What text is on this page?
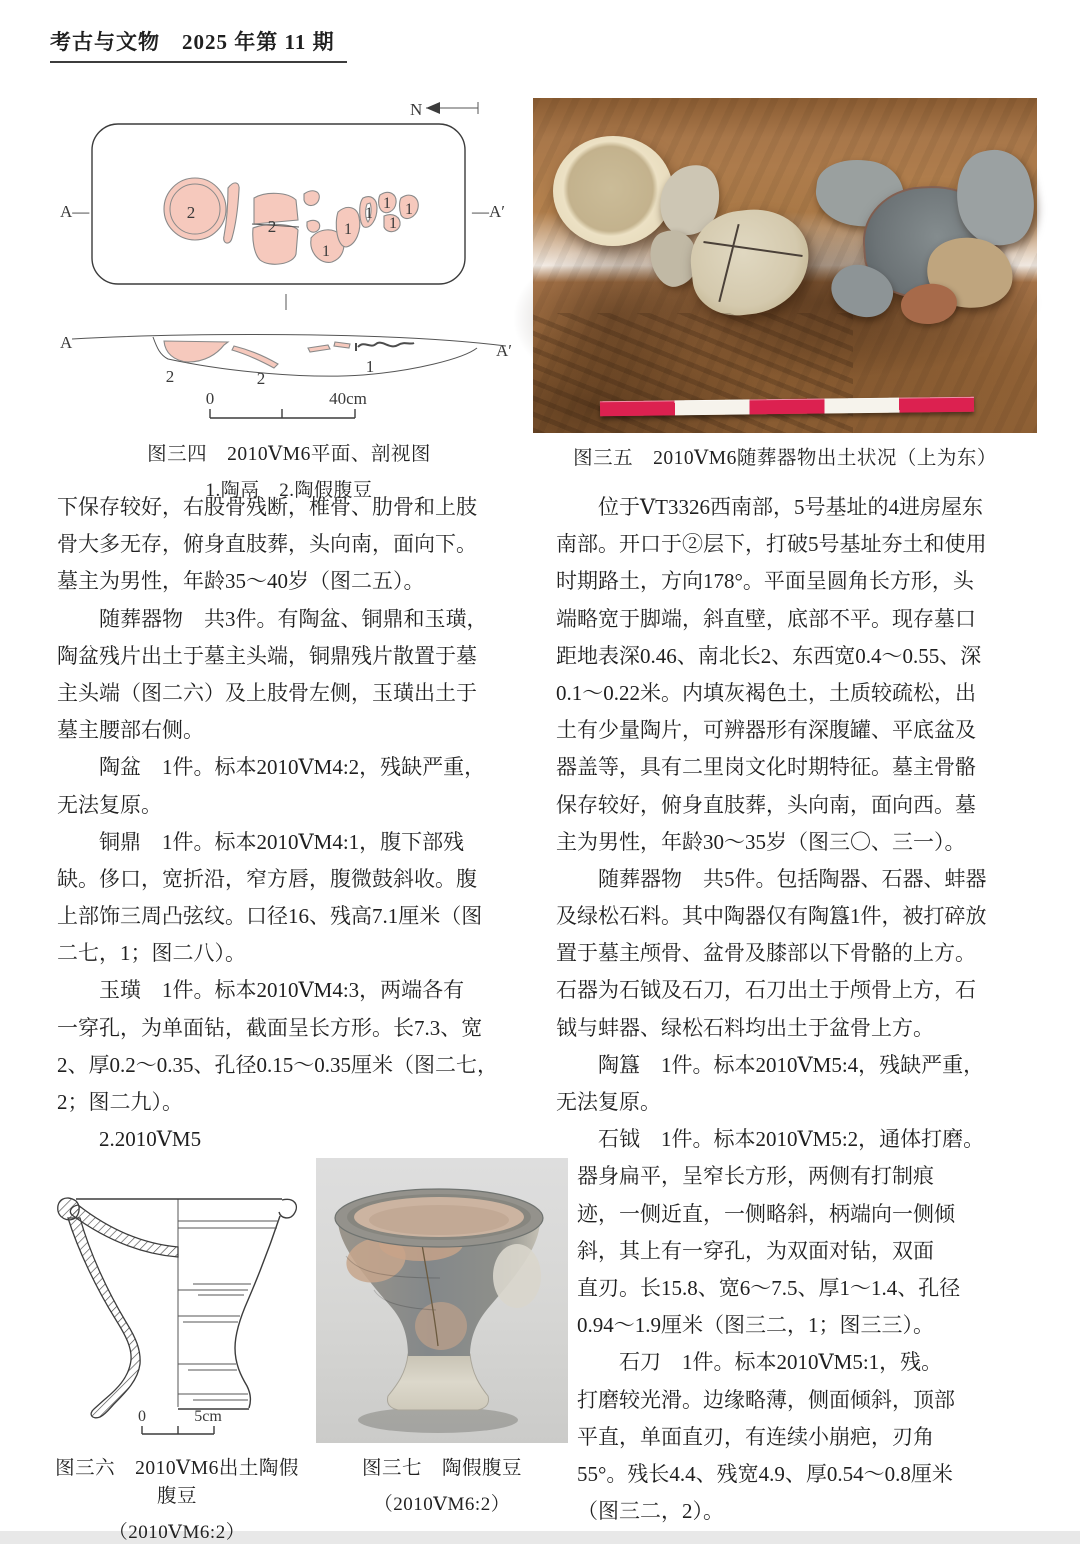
考古与文物　2025 年第 11 期
N
A—	—A′
2
2
1
1
1
1
1
1
A	A′
2	2
1
0	40cm
图三四　2010ⅤM6平面、剖视图
1.陶鬲　2.陶假腹豆
图三五　2010ⅤM6随葬器物出土状况（上为东）
下保存较好，右股骨残断，椎骨、肋骨和上肢
骨大多无存，俯身直肢葬，头向南，面向下。
墓主为男性，年龄35～40岁（图二五）。
　　随葬器物　共3件。有陶盆、铜鼎和玉璜，
陶盆残片出土于墓主头端，铜鼎残片散置于墓
主头端（图二六）及上肢骨左侧，玉璜出土于
墓主腰部右侧。
　　陶盆　1件。标本2010ⅤM4:2，残缺严重，
无法复原。
　　铜鼎　1件。标本2010ⅤM4:1，腹下部残
缺。侈口，宽折沿，窄方唇，腹微鼓斜收。腹
上部饰三周凸弦纹。口径16、残高7.1厘米（图
二七，1；图二八）。
　　玉璜　1件。标本2010ⅤM4:3，两端各有
一穿孔，为单面钻，截面呈长方形。长7.3、宽
2、厚0.2～0.35、孔径0.15～0.35厘米（图二七，
2；图二九）。
　　2.2010ⅤM5
　　位于ⅤT3326西南部，5号基址的4进房屋东
南部。开口于②层下，打破5号基址夯土和使用
时期路土，方向178°。平面呈圆角长方形，头
端略宽于脚端，斜直壁，底部不平。现存墓口
距地表深0.46、南北长2、东西宽0.4～0.55、深
0.1～0.22米。内填灰褐色土，土质较疏松，出
土有少量陶片，可辨器形有深腹罐、平底盆及
器盖等，具有二里岗文化时期特征。墓主骨骼
保存较好，俯身直肢葬，头向南，面向西。墓
主为男性，年龄30～35岁（图三〇、三一）。
　　随葬器物　共5件。包括陶器、石器、蚌器
及绿松石料。其中陶器仅有陶簋1件，被打碎放
置于墓主颅骨、盆骨及膝部以下骨骼的上方。
石器为石钺及石刀，石刀出土于颅骨上方，石
钺与蚌器、绿松石料均出土于盆骨上方。
　　陶簋　1件。标本2010ⅤM5:4，残缺严重，
无法复原。
　　石钺　1件。标本2010ⅤM5:2，通体打磨。
器身扁平，呈窄长方形，两侧有打制痕
迹，一侧近直，一侧略斜，柄端向一侧倾
斜，其上有一穿孔，为双面对钻，双面
直刃。长15.8、宽6～7.5、厚1～1.4、孔径
0.94～1.9厘米（图三二，1；图三三）。
　　石刀　1件。标本2010ⅤM5:1，残。
打磨较光滑。边缘略薄，侧面倾斜，顶部
平直，单面直刃，有连续小崩疤，刃角
55°。残长4.4、残宽4.9、厚0.54～0.8厘米
（图三二，2）。
0	5cm
图三六　2010ⅤM6出土陶假腹豆
（2010ⅤM6:2）
图三七　陶假腹豆
（2010ⅤM6:2）
